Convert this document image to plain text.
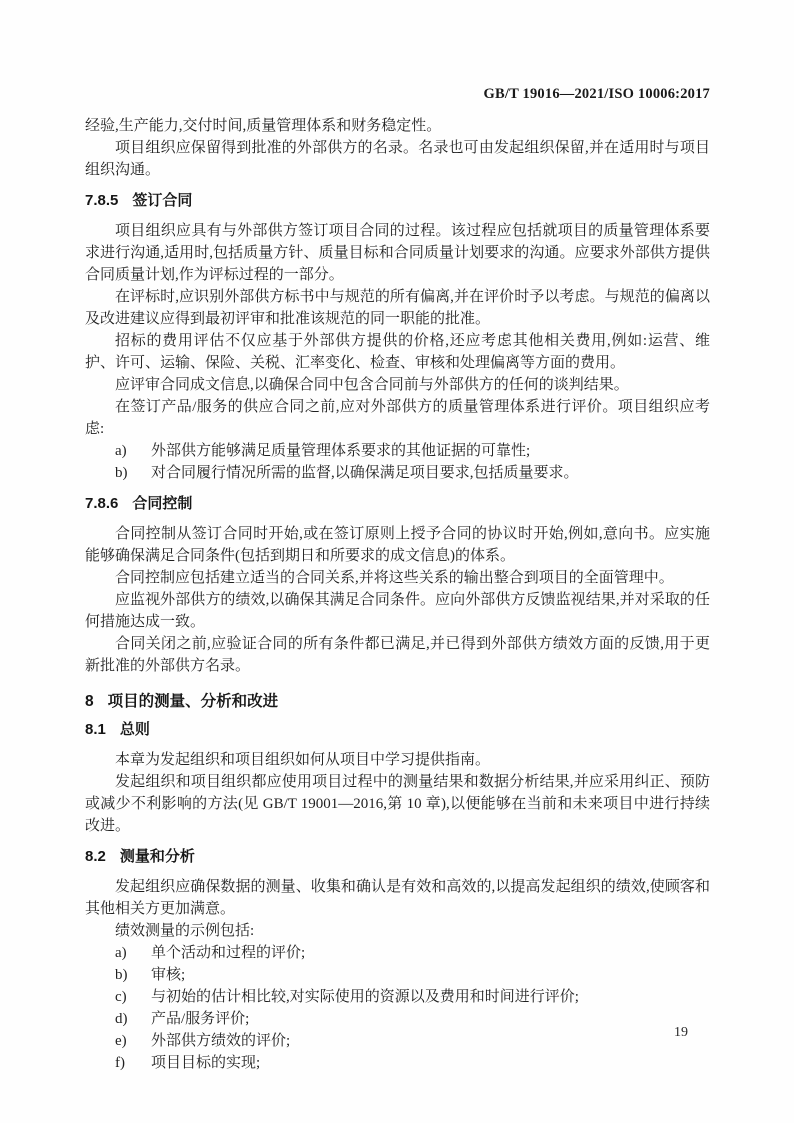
GB/T 19016—2021/ISO 10006:2017

经验,生产能力,交付时间,质量管理体系和财务稳定性。

项目组织应保留得到批准的外部供方的名录。名录也可由发起组织保留,并在适用时与项目组织沟通。

7.8.5 签订合同

项目组织应具有与外部供方签订项目合同的过程。该过程应包括就项目的质量管理体系要求进行沟通,适用时,包括质量方针、质量目标和合同质量计划要求的沟通。应要求外部供方提供合同质量计划,作为评标过程的一部分。

在评标时,应识别外部供方标书中与规范的所有偏离,并在评价时予以考虑。与规范的偏离以及改进建议应得到最初评审和批准该规范的同一职能的批准。

招标的费用评估不仅应基于外部供方提供的价格,还应考虑其他相关费用,例如:运营、维护、许可、运输、保险、关税、汇率变化、检查、审核和处理偏离等方面的费用。

应评审合同成文信息,以确保合同中包含合同前与外部供方的任何的谈判结果。

在签订产品/服务的供应合同之前,应对外部供方的质量管理体系进行评价。项目组织应考虑:

a) 外部供方能够满足质量管理体系要求的其他证据的可靠性;
b) 对合同履行情况所需的监督,以确保满足项目要求,包括质量要求。
7.8.6 合同控制

合同控制从签订合同时开始,或在签订原则上授予合同的协议时开始,例如,意向书。应实施能够确保满足合同条件(包括到期日和所要求的成文信息)的体系。

合同控制应包括建立适当的合同关系,并将这些关系的输出整合到项目的全面管理中。

应监视外部供方的绩效,以确保其满足合同条件。应向外部供方反馈监视结果,并对采取的任何措施达成一致。

合同关闭之前,应验证合同的所有条件都已满足,并已得到外部供方绩效方面的反馈,用于更新批准的外部供方名录。

8 项目的测量、分析和改进
8.1 总则

本章为发起组织和项目组织如何从项目中学习提供指南。

发起组织和项目组织都应使用项目过程中的测量结果和数据分析结果,并应采用纠正、预防或减少不利影响的方法(见 GB/T 19001—2016,第 10 章),以便能够在当前和未来项目中进行持续改进。

8.2 测量和分析

发起组织应确保数据的测量、收集和确认是有效和高效的,以提高发起组织的绩效,使顾客和其他相关方更加满意。

绩效测量的示例包括:

a) 单个活动和过程的评价;
b) 审核;
c) 与初始的估计相比较,对实际使用的资源以及费用和时间进行评价;
d) 产品/服务评价;
e) 外部供方绩效的评价;
f) 项目目标的实现;
19
